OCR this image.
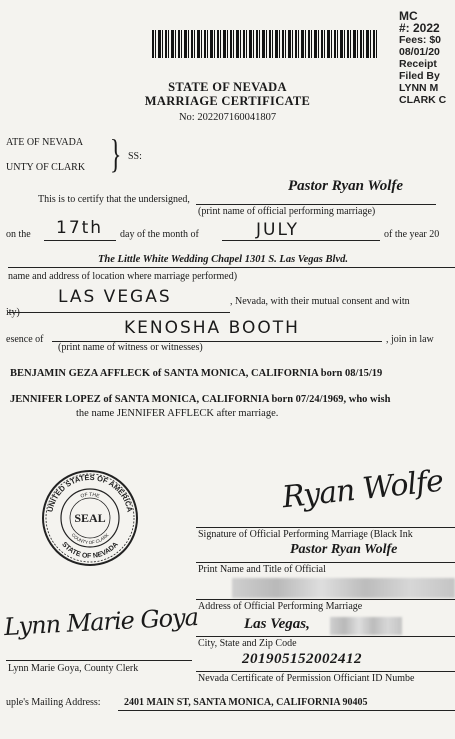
MC
#: 2022
Fees: $0
08/01/20
Receipt
Filed By
LYNN M
CLARK C
STATE OF NEVADA
MARRIAGE CERTIFICATE
No: 202207160041807
ATE OF NEVADA
UNTY OF CLARK } SS:
This is to certify that the undersigned,
Pastor Ryan Wolfe
(print name of official performing marriage)
on the 17th day of the month of	JULY	of the year 20
The Little White Wedding Chapel 1301 S. Las Vegas Blvd.
name and address of location where marriage performed)
ity)
LAS VEGAS	, Nevada, with their mutual consent and witn
esence of
KENOSHA BOOTH
(print name of witness or witnesses)
, join in law
BENJAMIN GEZA AFFLECK of SANTA MONICA, CALIFORNIA born 08/15/19
JENNIFER LOPEZ of SANTA MONICA, CALIFORNIA born 07/24/1969, who wish
the name JENNIFER AFFLECK after marriage.
UNITED STATES OF AMERICA
STATE OF NEVADA
OF THE
COUNTY OF CLARK
SEAL
Ryan Wolfe
Signature of Official Performing Marriage (Black Ink
Pastor Ryan Wolfe
Print Name and Title of Official
Address of Official Performing Marriage
Las Vegas,
City, State and Zip Code
201905152002412
Nevada Certificate of Permission Officiant ID Numbe
Lynn Marie Goya
Lynn Marie Goya, County Clerk
uple's Mailing Address: 2401 MAIN ST, SANTA MONICA, CALIFORNIA 90405
